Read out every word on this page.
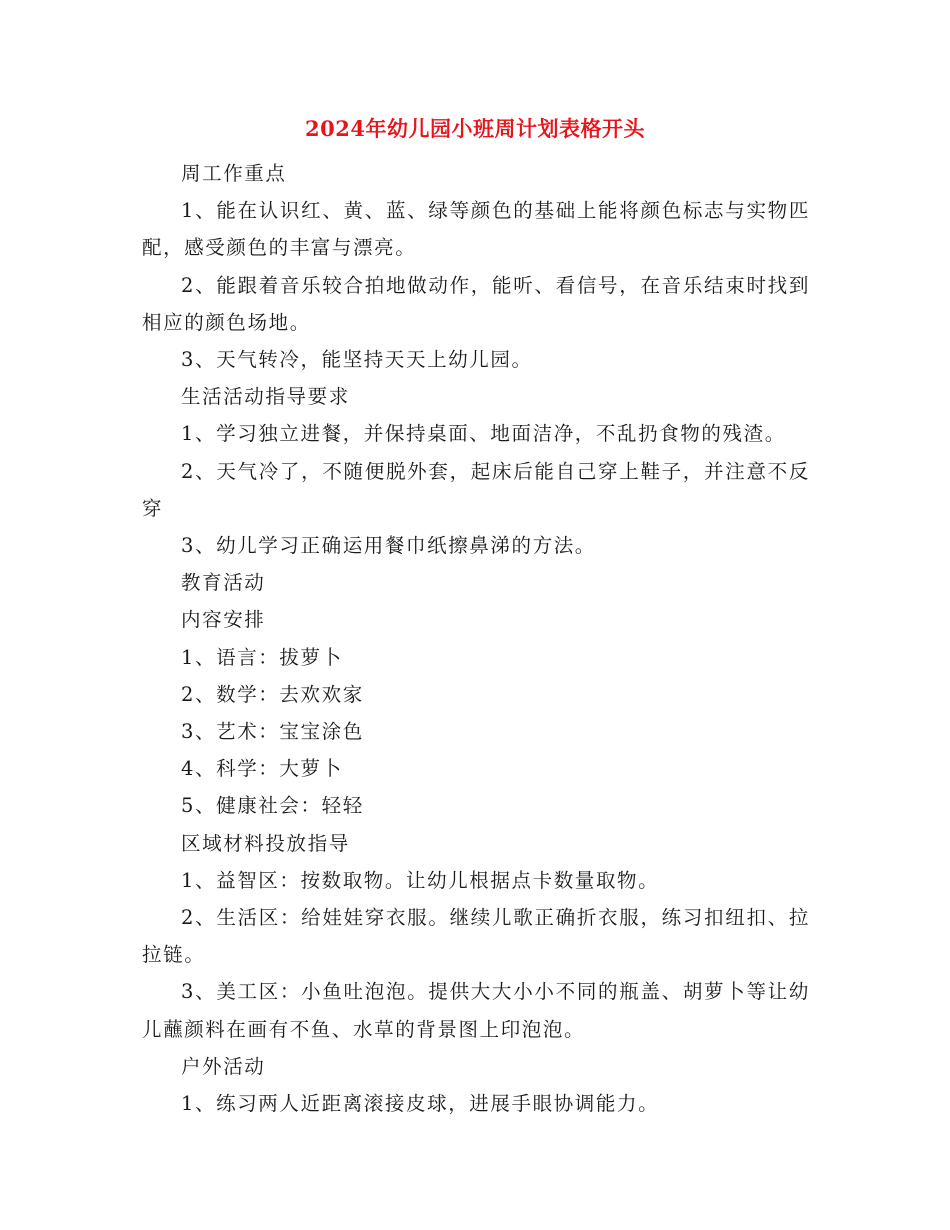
2024年幼儿园小班周计划表格开头

周工作重点

1、能在认识红、黄、蓝、绿等颜色的基础上能将颜色标志与实物匹配，感受颜色的丰富与漂亮。

2、能跟着音乐较合拍地做动作，能听、看信号，在音乐结束时找到相应的颜色场地。

3、天气转冷，能坚持天天上幼儿园。

生活活动指导要求

1、学习独立进餐，并保持桌面、地面洁净，不乱扔食物的残渣。

2、天气冷了，不随便脱外套，起床后能自己穿上鞋子，并注意不反穿

3、幼儿学习正确运用餐巾纸擦鼻涕的方法。

教育活动

内容安排

1、语言：拔萝卜

2、数学：去欢欢家

3、艺术：宝宝涂色

4、科学：大萝卜

5、健康社会：轻轻

区域材料投放指导

1、益智区：按数取物。让幼儿根据点卡数量取物。

2、生活区：给娃娃穿衣服。继续儿歌正确折衣服，练习扣纽扣、拉拉链。

3、美工区：小鱼吐泡泡。提供大大小小不同的瓶盖、胡萝卜等让幼儿蘸颜料在画有不鱼、水草的背景图上印泡泡。

户外活动

1、练习两人近距离滚接皮球，进展手眼协调能力。
